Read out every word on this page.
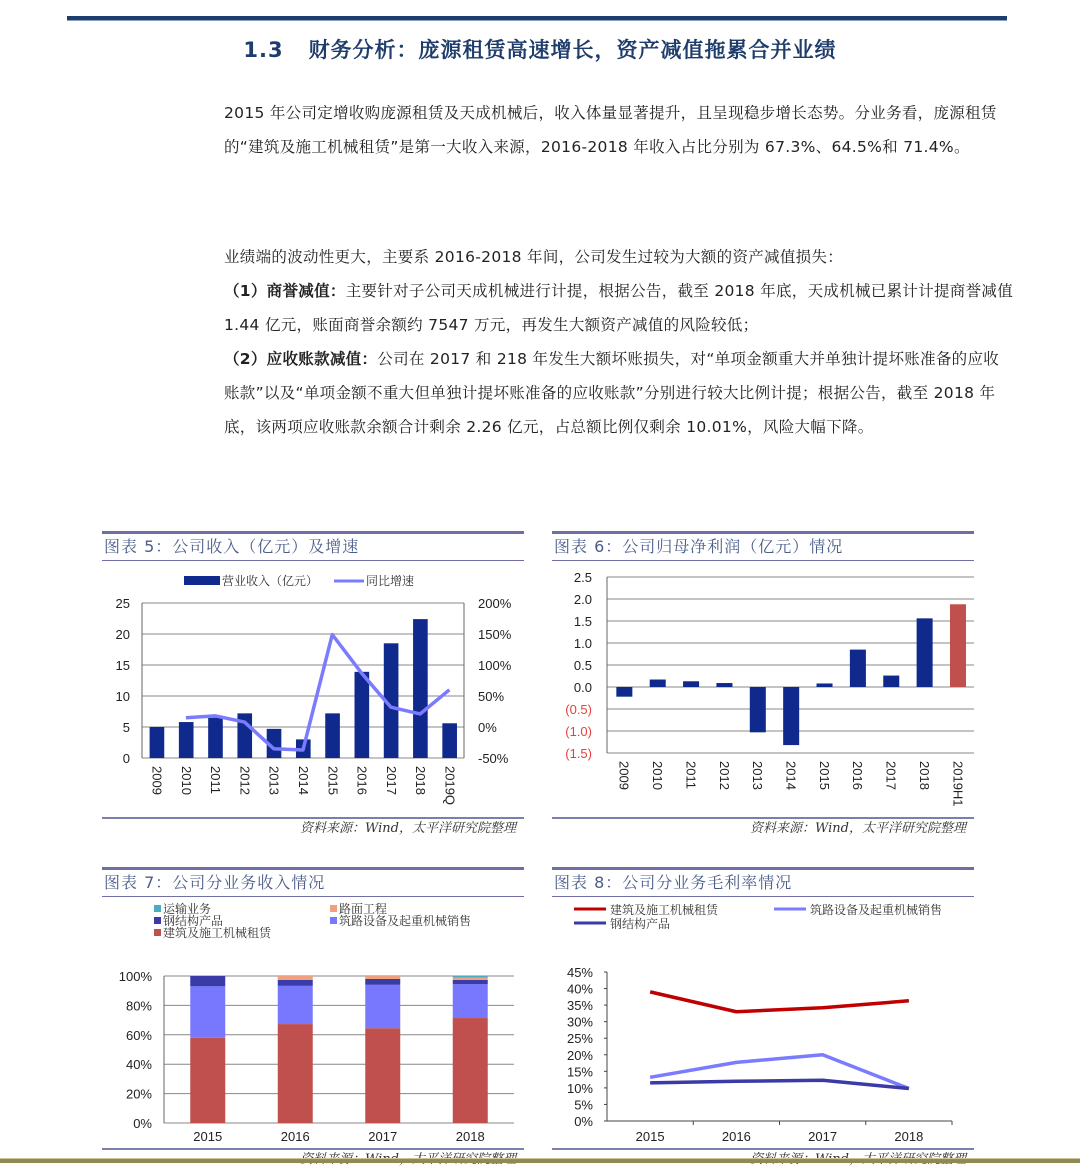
1.3 财务分析：庞源租赁高速增长，资产减值拖累合并业绩
2015 年公司定增收购庞源租赁及天成机械后，收入体量显著提升，且呈现稳步增长态势。分业务看，庞源租赁的“建筑及施工机械租赁”是第一大收入来源，2016-2018 年收入占比分别为 67.3%、64.5%和 71.4%。
业绩端的波动性更大，主要系 2016-2018 年间，公司发生过较为大额的资产减值损失：
（1）商誉减值：主要针对子公司天成机械进行计提，根据公告，截至 2018 年底，天成机械已累计计提商誉减值 1.44 亿元，账面商誉余额约 7547 万元，再发生大额资产减值的风险较低；
（2）应收账款减值：公司在 2017 和 218 年发生大额坏账损失，对“单项金额重大并单独计提坏账准备的应收账款”以及“单项金额不重大但单独计提坏账准备的应收账款”分别进行较大比例计提；根据公告，截至 2018 年底，该两项应收账款余额合计剩余 2.26 亿元，占总额比例仅剩余 10.01%，风险大幅下降。
图表 5：公司收入（亿元）及增速
营业收入（亿元）	同比增速
0
5
10
15
20
25
-50%
0%
50%
100%
150%
200%
2009 2010 2011 2012 2013 2014 2015 2016 2017 2018 2019Q
资料来源：Wind，太平洋研究院整理
图表 6：公司归母净利润（亿元）情况
(1.5)
(1.0)
(0.5)
0.0
0.5
1.0
1.5
2.0
2.5
2009 2010 2011 2012 2013 2014 2015 2016 2017 2018 2019H1
资料来源：Wind，太平洋研究院整理
图表 7：公司分业务收入情况
运输业务	路面工程
钢结构产品	筑路设备及起重机械销售
建筑及施工机械租赁
0%
20%
40%
60%
80%
100%
2015	2016	2017	2018
图表 8：公司分业务毛利率情况
建筑及施工机械租赁	筑路设备及起重机械销售
钢结构产品
0%
5%
10%
15%
20%
25%
30%
35%
40%
45%
2015	2016	2017	2018
